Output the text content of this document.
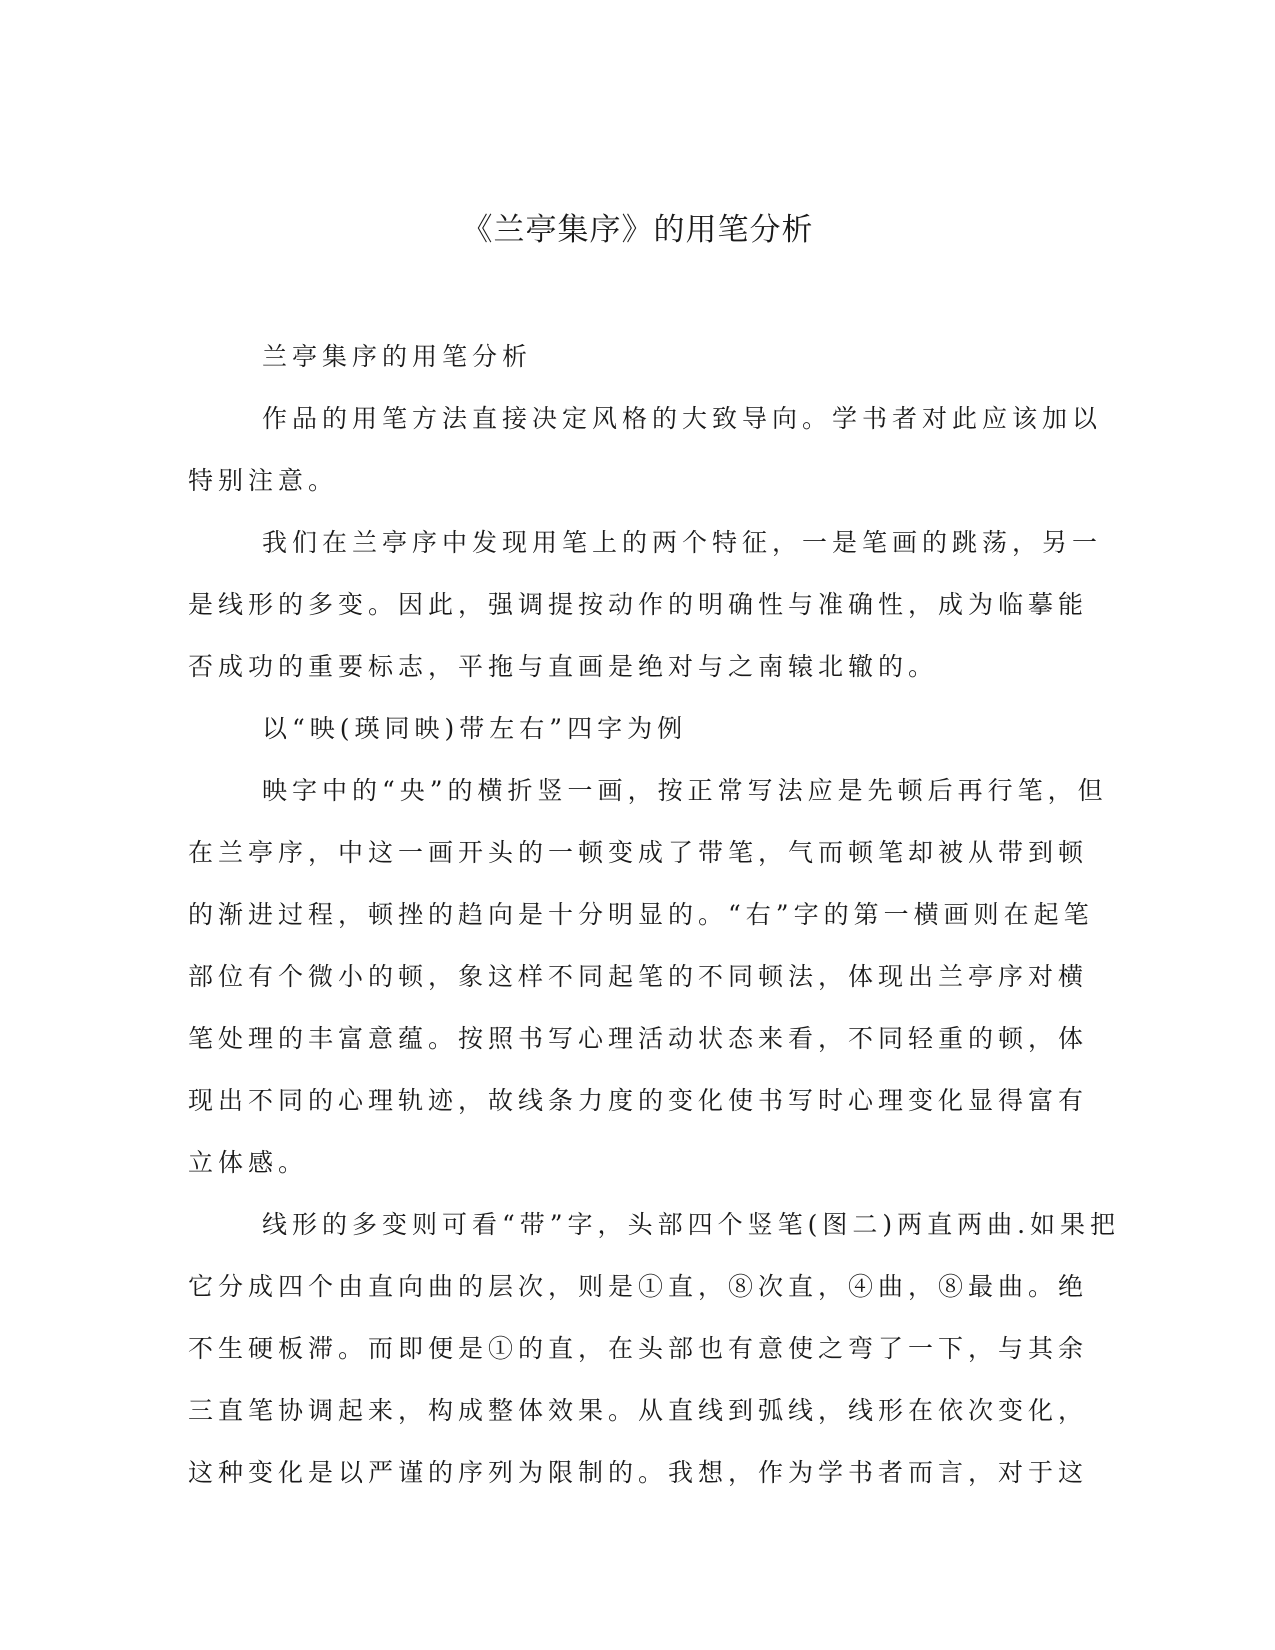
《兰亭集序》的用笔分析

兰亭集序的用笔分析

作品的用笔方法直接决定风格的大致导向。学书者对此应该加以
特别注意。
我们在兰亭序中发现用笔上的两个特征，一是笔画的跳荡，另一
是线形的多变。因此，强调提按动作的明确性与准确性，成为临摹能
否成功的重要标志，平拖与直画是绝对与之南辕北辙的。
以“映(瑛同映)带左右”四字为例
映字中的“央”的横折竖一画，按正常写法应是先顿后再行笔，但
在兰亭序，中这一画开头的一顿变成了带笔，气而顿笔却被从带到顿
的渐进过程，顿挫的趋向是十分明显的。“右”字的第一横画则在起笔
部位有个微小的顿，象这样不同起笔的不同顿法，体现出兰亭序对横
笔处理的丰富意蕴。按照书写心理活动状态来看，不同轻重的顿，体
现出不同的心理轨迹，故线条力度的变化使书写时心理变化显得富有
立体感。
线形的多变则可看“带”字，头部四个竖笔(图二)两直两曲.如果把
它分成四个由直向曲的层次，则是①直，⑧次直，④曲，⑧最曲。绝
不生硬板滞。而即便是①的直，在头部也有意使之弯了一下，与其余
三直笔协调起来，构成整体效果。从直线到弧线，线形在依次变化，
这种变化是以严谨的序列为限制的。我想，作为学书者而言，对于这
